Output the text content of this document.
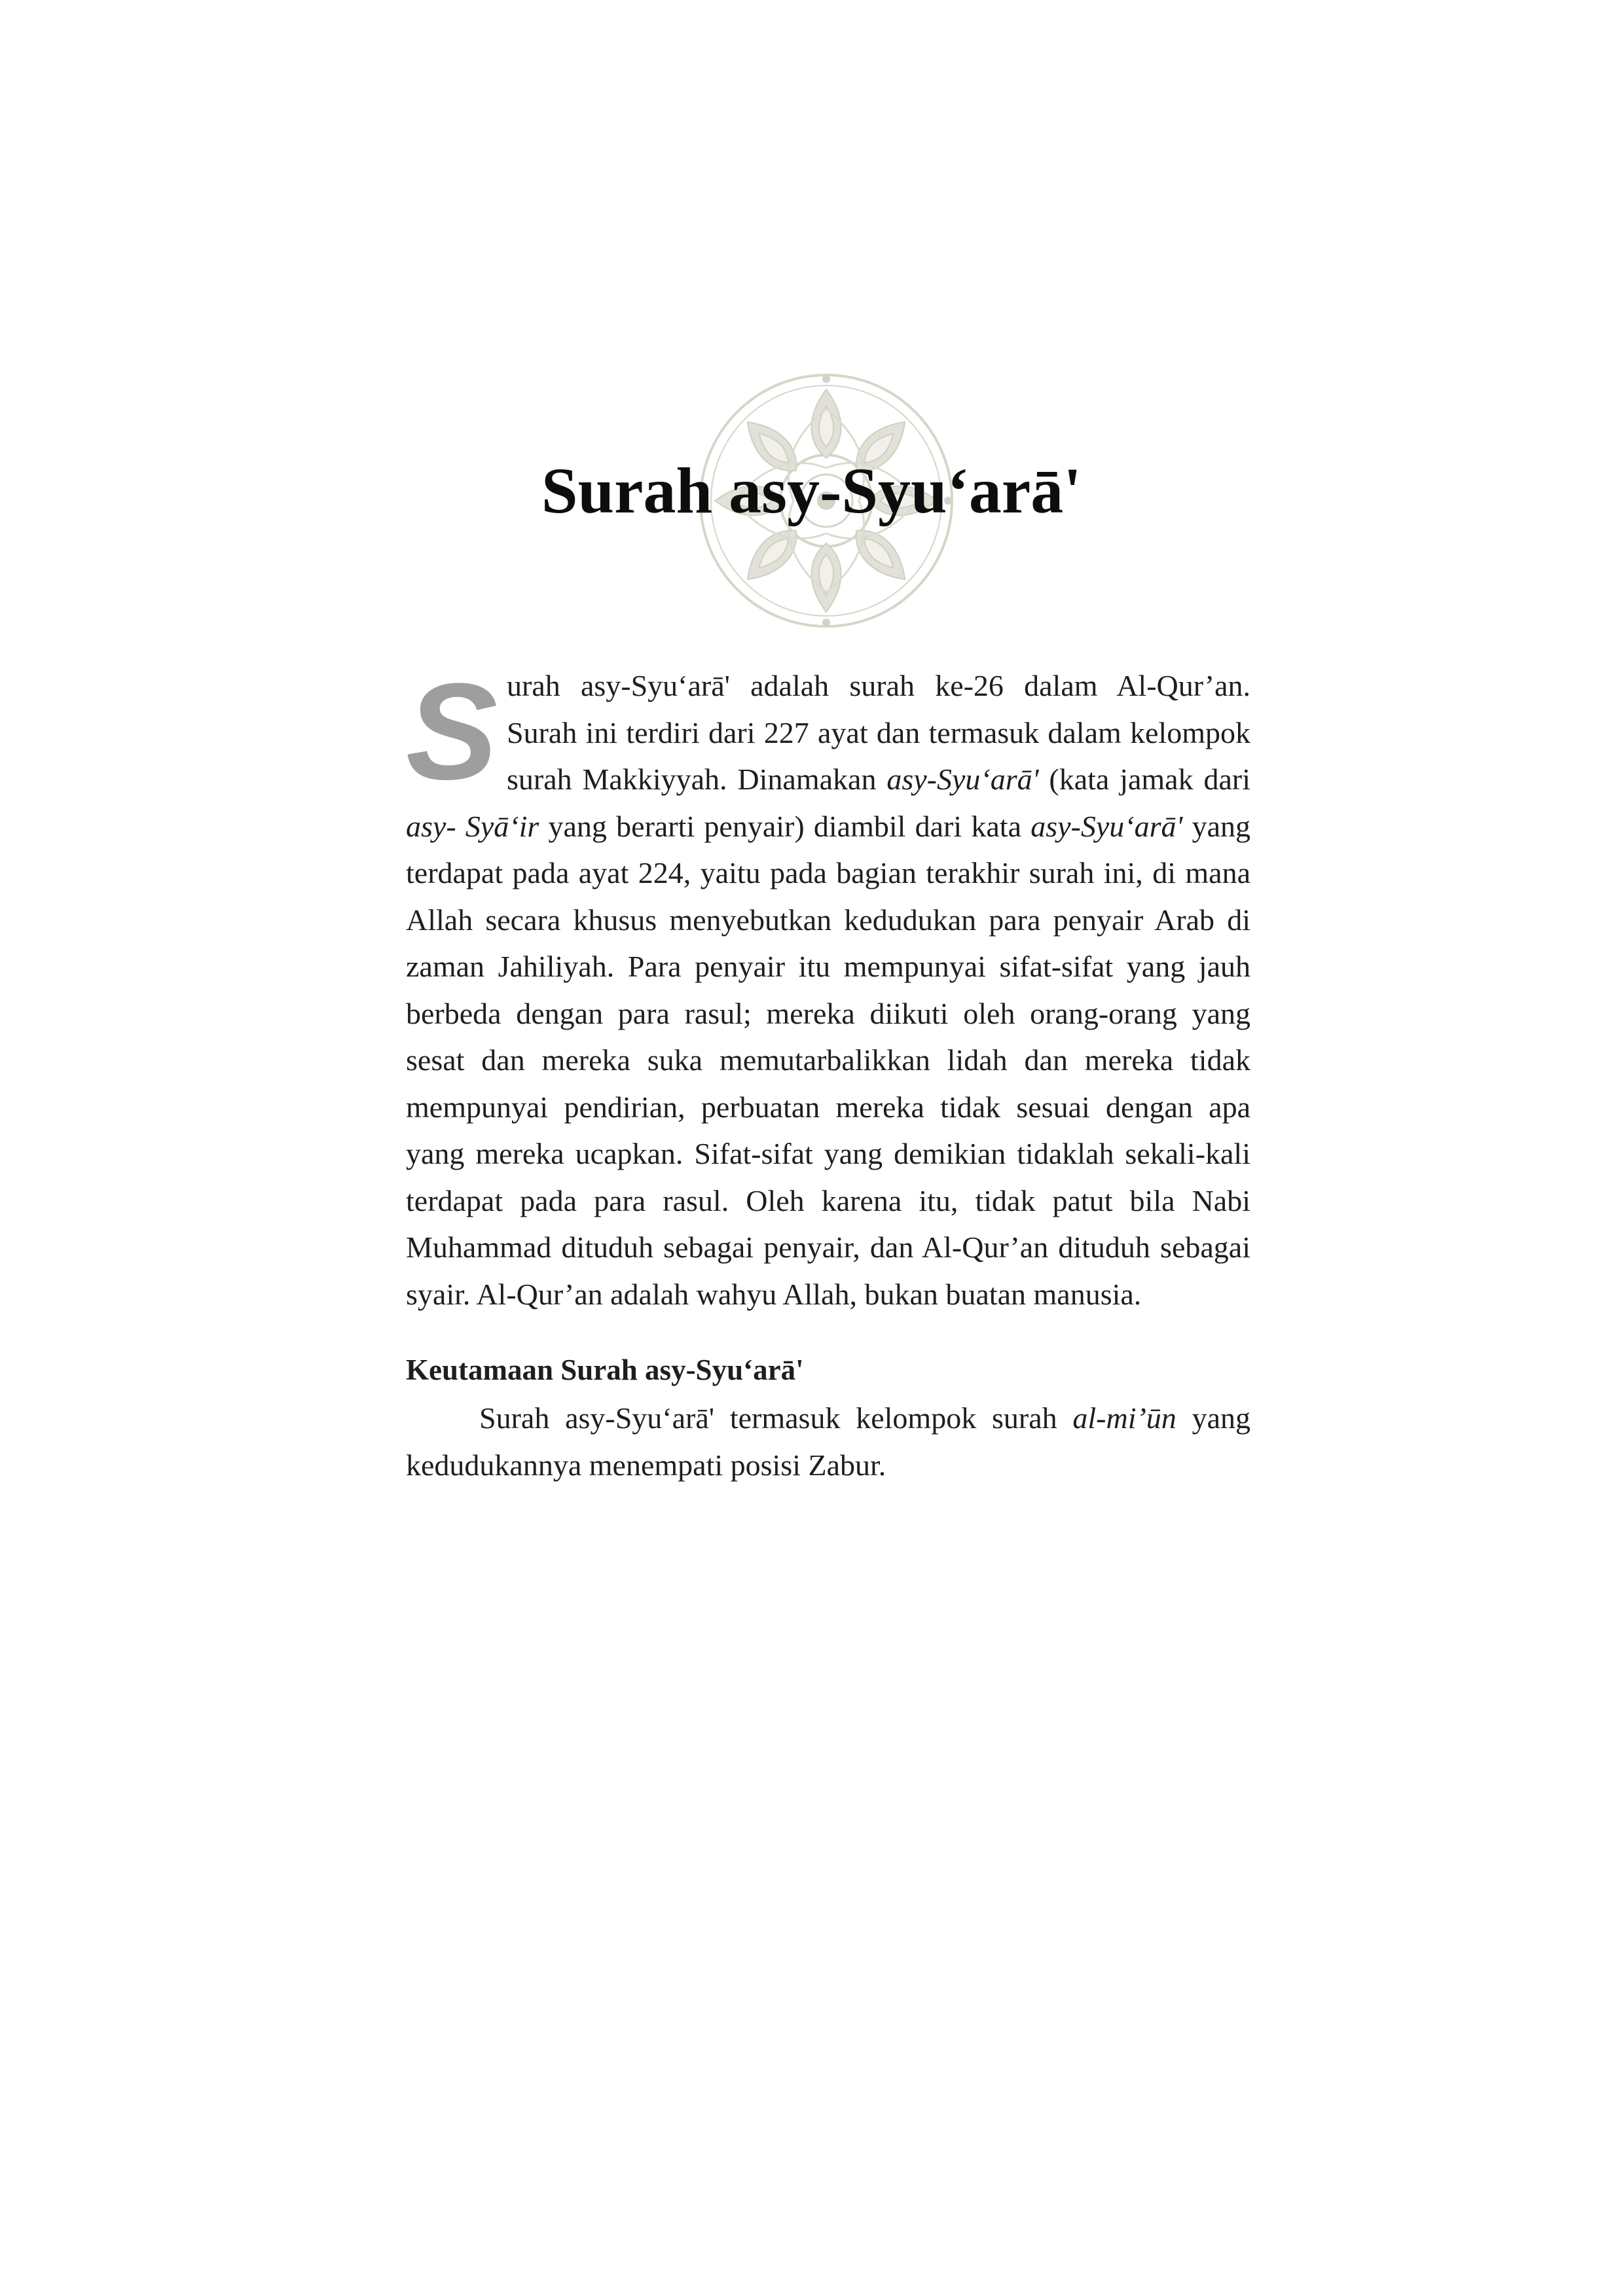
Surah asy-Syu‘arā'

Surah asy-Syu‘arā' adalah surah ke-26 dalam Al-Qur’an. Surah ini terdiri dari 227 ayat dan termasuk dalam kelompok surah Makkiyyah. Dinamakan asy-Syu‘arā' (kata jamak dari asy- Syā‘ir yang berarti penyair) diambil dari kata asy-Syu‘arā' yang terdapat pada ayat 224, yaitu pada bagian terakhir surah ini, di mana Allah secara khusus menyebutkan kedudukan para penyair Arab di zaman Jahiliyah. Para penyair itu mempunyai sifat-sifat yang jauh berbeda dengan para rasul; mereka diikuti oleh orang-orang yang sesat dan mereka suka memutarbalikkan lidah dan mereka tidak mempunyai pendirian, perbuatan mereka tidak sesuai dengan apa yang mereka ucapkan. Sifat-sifat yang demikian tidaklah sekali-kali terdapat pada para rasul. Oleh karena itu, tidak patut bila Nabi Muhammad dituduh sebagai penyair, dan Al-Qur’an dituduh sebagai syair. Al-Qur’an adalah wahyu Allah, bukan buatan manusia.

Keutamaan Surah asy-Syu‘arā'

Surah asy-Syu‘arā' termasuk kelompok surah al-mi’ūn yang kedudukannya menempati posisi Zabur.
